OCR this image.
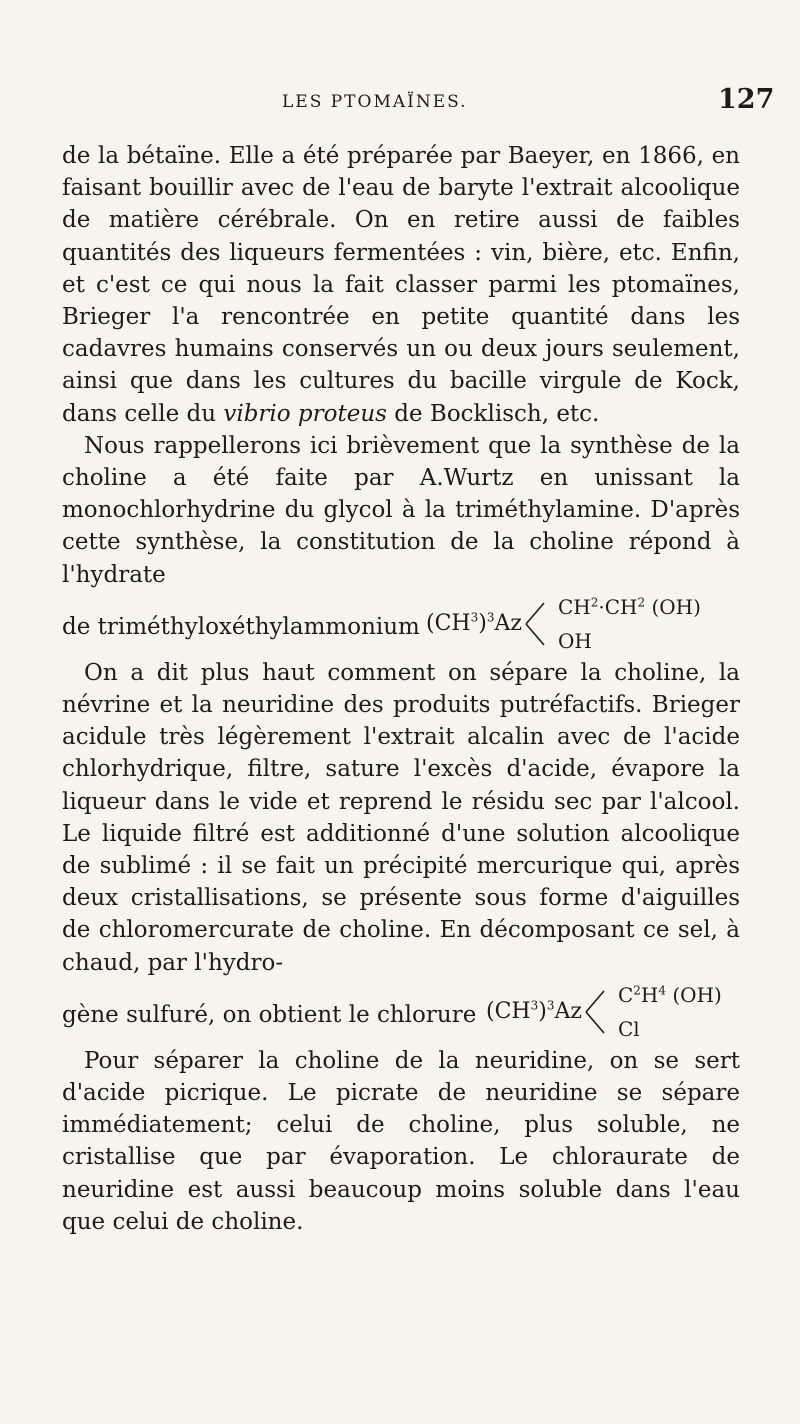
LES PTOMAÏNES.	127

de la bétaïne. Elle a été préparée par Baeyer, en 1866, en faisant bouillir avec de l'eau de baryte l'extrait alcoolique de matière cérébrale. On en retire aussi de faibles quantités des liqueurs fermentées : vin, bière, etc. Enfin, et c'est ce qui nous la fait classer parmi les ptomaïnes, Brieger l'a rencontrée en petite quantité dans les cadavres humains conservés un ou deux jours seulement, ainsi que dans les cultures du bacille virgule de Kock, dans celle du vibrio proteus de Bocklisch, etc.

Nous rappellerons ici brièvement que la synthèse de la choline a été faite par A.Wurtz en unissant la monochlorhydrine du glycol à la triméthylamine. D'après cette synthèse, la constitution de la choline répond à l'hydrate

de triméthyloxéthylammonium $(CH^3)^3Az$
$CH^2\cdot CH^2$ (OH)
OH

On a dit plus haut comment on sépare la choline, la névrine et la neuridine des produits putréfactifs. Brieger acidule très légèrement l'extrait alcalin avec de l'acide chlorhydrique, filtre, sature l'excès d'acide, évapore la liqueur dans le vide et reprend le résidu sec par l'alcool. Le liquide filtré est additionné d'une solution alcoolique de sublimé : il se fait un précipité mercurique qui, après deux cristallisations, se présente sous forme d'aiguilles de chloromercurate de choline. En décomposant ce sel, à chaud, par l'hydro-

gène sulfuré, on obtient le chlorure $(CH^3)^3Az$
$C^2H^4$ (OH)
Cl

Pour séparer la choline de la neuridine, on se sert d'acide picrique. Le picrate de neuridine se sépare immédiatement; celui de choline, plus soluble, ne cristallise que par évaporation. Le chloraurate de neuridine est aussi beaucoup moins soluble dans l'eau que celui de choline.
